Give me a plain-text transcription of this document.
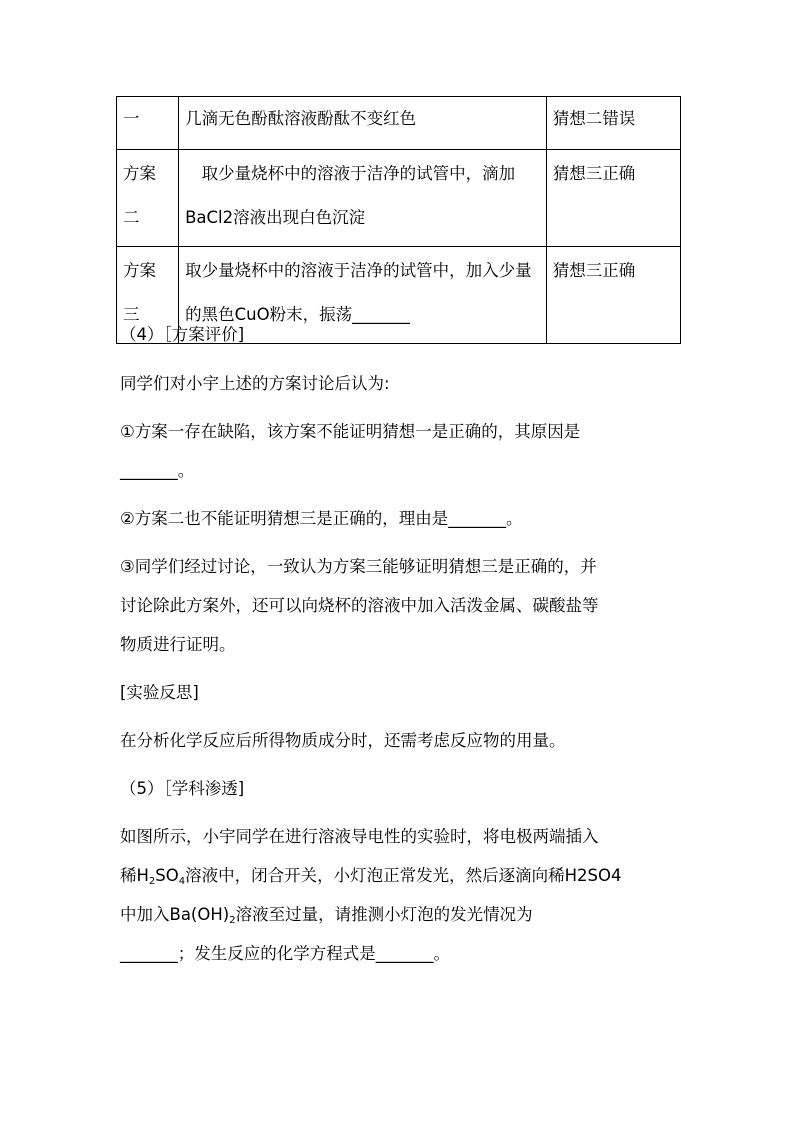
一	几滴无色酚酞溶液酚酞不变红色	猜想二错误
方案二	　取少量烧杯中的溶液于洁净的试管中，滴加BaCl2溶液出现白色沉淀	猜想三正确
方案三	取少量烧杯中的溶液于洁净的试管中，加入少量的黑色CuO粉末，振荡_______	猜想三正确

（4）［方案评价]

同学们对小宇上述的方案讨论后认为:

①方案一存在缺陷，该方案不能证明猜想一是正确的，其原因是

_______。

②方案二也不能证明猜想三是正确的，理由是_______。

③同学们经过讨论，一致认为方案三能够证明猜想三是正确的，并

讨论除此方案外，还可以向烧杯的溶液中加入活泼金属、碳酸盐等

物质进行证明。

[实验反思]

在分析化学反应后所得物质成分时，还需考虑反应物的用量。

（5）［学科渗透]

如图所示，小宇同学在进行溶液导电性的实验时，将电极两端插入

稀$H_2SO_4$溶液中，闭合开关，小灯泡正常发光，然后逐滴向稀H2SO4

中加入$Ba(OH)_2$溶液至过量，请推测小灯泡的发光情况为

_______；发生反应的化学方程式是_______。
